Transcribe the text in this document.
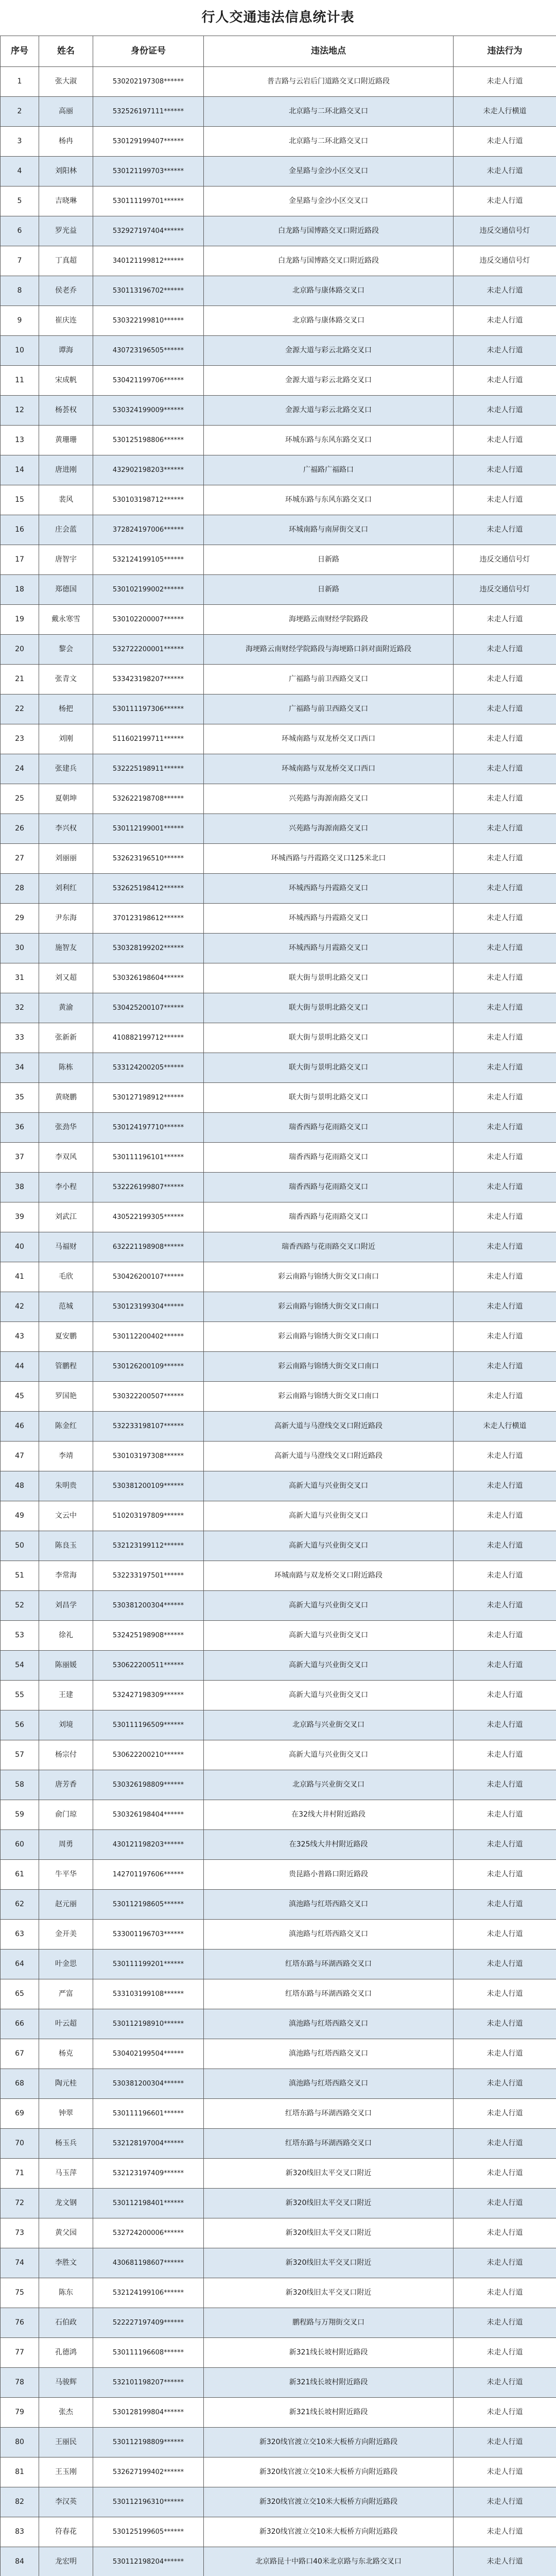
行人交通违法信息统计表
序号	姓名	身份证号	违法地点	违法行为
1	张大淑	530202197308******	普吉路与云岩后门道路交叉口附近路段	未走人行道
2	高丽	532526197111******	北京路与二环北路交叉口	未走人行横道
3	杨冉	530129199407******	北京路与二环北路交叉口	未走人行道
4	刘阳林	530121199703******	金星路与金沙小区交叉口	未走人行道
5	吉晓琳	530111199701******	金星路与金沙小区交叉口	未走人行道
6	罗光益	532927197404******	白龙路与国博路交叉口附近路段	违反交通信号灯
7	丁真超	340121199812******	白龙路与国博路交叉口附近路段	违反交通信号灯
8	侯老乔	530113196702******	北京路与康体路交叉口	未走人行道
9	崔庆连	530322199810******	北京路与康体路交叉口	未走人行道
10	谭海	430723196505******	金源大道与彩云北路交叉口	未走人行道
11	宋成帆	530421199706******	金源大道与彩云北路交叉口	未走人行道
12	杨荟权	530324199009******	金源大道与彩云北路交叉口	未走人行道
13	黄珊珊	530125198806******	环城东路与东风东路交叉口	未走人行道
14	唐进刚	432902198203******	广福路广福路口	未走人行道
15	裴风	530103198712******	环城东路与东风东路交叉口	未走人行道
16	庄会蓝	372824197006******	环城南路与南屏街交叉口	未走人行道
17	唐智宇	532124199105******	日新路	违反交通信号灯
18	郑德国	530102199002******	日新路	违反交通信号灯
19	戴永寒雪	530102200007******	海埂路云南财经学院路段	未走人行道
20	黎会	532722200001******	海埂路云南财经学院路段与海埂路口斜对面附近路段	未走人行道
21	张青文	533423198207******	广福路与前卫西路交叉口	未走人行道
22	杨把	530111197306******	广福路与前卫西路交叉口	未走人行道
23	刘刚	511602199711******	环城南路与双龙桥交叉口西口	未走人行道
24	张建兵	532225198911******	环城南路与双龙桥交叉口西口	未走人行道
25	夏朝坤	532622198708******	兴苑路与海源南路交叉口	未走人行道
26	李兴权	530112199001******	兴苑路与海源南路交叉口	未走人行道
27	刘丽丽	532623196510******	环城西路与丹霞路交叉口125米北口	未走人行道
28	刘利红	532625198412******	环城西路与丹霞路交叉口	未走人行道
29	尹东海	370123198612******	环城西路与丹霞路交叉口	未走人行道
30	施智友	530328199202******	环城西路与月霞路交叉口	未走人行道
31	刘又超	530326198604******	联大街与景明北路交叉口	未走人行道
32	黄渝	530425200107******	联大街与景明北路交叉口	未走人行道
33	张新新	410882199712******	联大街与景明北路交叉口	未走人行道
34	陈栋	533124200205******	联大街与景明北路交叉口	未走人行道
35	黄晓鹏	530127198912******	联大街与景明北路交叉口	未走人行道
36	张劲华	530124197710******	瑞香西路与花雨路交叉口	未走人行道
37	李双风	530111196101******	瑞香西路与花雨路交叉口	未走人行道
38	李小程	532226199807******	瑞香西路与花雨路交叉口	未走人行道
39	刘武江	430522199305******	瑞香西路与花雨路交叉口	未走人行道
40	马福财	632221198908******	瑞香西路与花雨路交叉口附近	未走人行道
41	毛欣	530426200107******	彩云南路与锦绣大街交叉口南口	未走人行道
42	范城	530123199304******	彩云南路与锦绣大街交叉口南口	未走人行道
43	夏安鹏	530112200402******	彩云南路与锦绣大街交叉口南口	未走人行道
44	管鹏程	530126200109******	彩云南路与锦绣大街交叉口南口	未走人行道
45	罗国艳	530322200507******	彩云南路与锦绣大街交叉口南口	未走人行道
46	陈金红	532233198107******	高新大道与马澄线交叉口附近路段	未走人行横道
47	李靖	530103197308******	高新大道与马澄线交叉口附近路段	未走人行道
48	朱明贵	530381200109******	高新大道与兴业街交叉口	未走人行道
49	文云中	510203197809******	高新大道与兴业街交叉口	未走人行道
50	陈良玉	532123199112******	高新大道与兴业街交叉口	未走人行道
51	李常海	532233197501******	环城南路与双龙桥交叉口附近路段	未走人行道
52	刘昌学	530381200304******	高新大道与兴业街交叉口	未走人行道
53	徐礼	532425198908******	高新大道与兴业街交叉口	未走人行道
54	陈丽媛	530622200511******	高新大道与兴业街交叉口	未走人行道
55	王建	532427198309******	高新大道与兴业街交叉口	未走人行道
56	刘境	530111196509******	北京路与兴业街交叉口	未走人行道
57	杨宗付	530622200210******	高新大道与兴业街交叉口	未走人行道
58	唐芳香	530326198809******	北京路与兴业街交叉口	未走人行道
59	俞门琼	530326198404******	在32线大井村附近路段	未走人行道
60	周勇	430121198203******	在325线大井村附近路段	未走人行道
61	牛平华	142701197606******	贵昆路小普路口附近路段	未走人行道
62	赵元丽	530112198605******	滇池路与红塔西路交叉口	未走人行道
63	金开美	533001196703******	滇池路与红塔西路交叉口	未走人行道
64	叶金思	530111199201******	红塔东路与环湖西路交叉口	未走人行道
65	严富	533103199108******	红塔东路与环湖西路交叉口	未走人行道
66	叶云超	530112198910******	滇池路与红塔西路交叉口	未走人行道
67	杨克	530402199504******	滇池路与红塔西路交叉口	未走人行道
68	陶元桂	530381200304******	滇池路与红塔西路交叉口	未走人行道
69	钟翠	530111196601******	红塔东路与环湖西路交叉口	未走人行道
70	杨玉兵	532128197004******	红塔东路与环湖西路交叉口	未走人行道
71	马玉萍	532123197409******	新320线旧太平交叉口附近	未走人行道
72	龙文钢	530112198401******	新320线旧太平交叉口附近	未走人行道
73	黄父园	532724200006******	新320线旧太平交叉口附近	未走人行道
74	李胜文	430681198607******	新320线旧太平交叉口附近	未走人行道
75	陈东	532124199106******	新320线旧太平交叉口附近	未走人行道
76	石伯政	522227197409******	鹏程路与万翔街交叉口	未走人行道
77	孔德鸿	530111196608******	新321线长坡村附近路段	未走人行道
78	马骏辉	532101198207******	新321线长坡村附近路段	未走人行道
79	张杰	530128199804******	新321线长坡村附近路段	未走人行道
80	王丽民	530112198809******	新320线官渡立交10米大板桥方向附近路段	未走人行道
81	王玉刚	532627199402******	新320线官渡立交10米大板桥方向附近路段	未走人行道
82	李汉英	530112196310******	新320线官渡立交10米大板桥方向附近路段	未走人行道
83	符春花	530125199605******	新320线官渡立交10米大板桥方向附近路段	未走人行道
84	龙宏明	530112198204******	北京路昆十中路口40米北京路与东北路交叉口	未走人行道
